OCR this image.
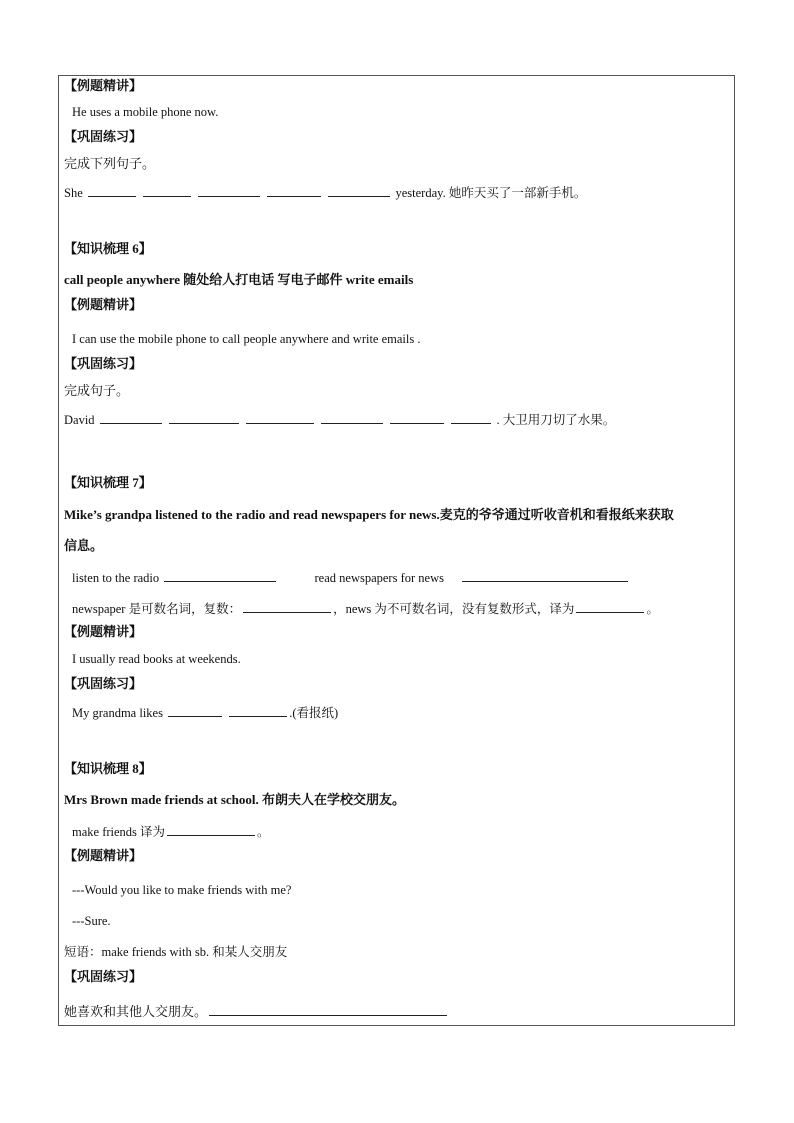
【例题精讲】
He uses a mobile phone now.
【巩固练习】
完成下列句子。
She	yesterday. 她昨天买了一部新手机。
【知识梳理 6】
call people anywhere 随处给人打电话 写电子邮件 write emails
【例题精讲】
I can use the mobile phone to call people anywhere and write emails .
【巩固练习】
完成句子。
David	. 大卫用刀切了水果。
【知识梳理 7】
Mike’s grandpa listened to the radio and read newspapers for news.麦克的爷爷通过听收音机和看报纸来获取
信息。
listen to the radio	read newspapers for news
newspaper 是可数名词，复数：	，news 为不可数名词，没有复数形式，译为	。
【例题精讲】
I usually read books at weekends.
【巩固练习】
My grandma likes	.(看报纸)
【知识梳理 8】
Mrs Brown made friends at school. 布朗夫人在学校交朋友。
make friends 译为	。
【例题精讲】
---Would you like to make friends with me?
---Sure.
短语：make friends with sb. 和某人交朋友
【巩固练习】
她喜欢和其他人交朋友。
